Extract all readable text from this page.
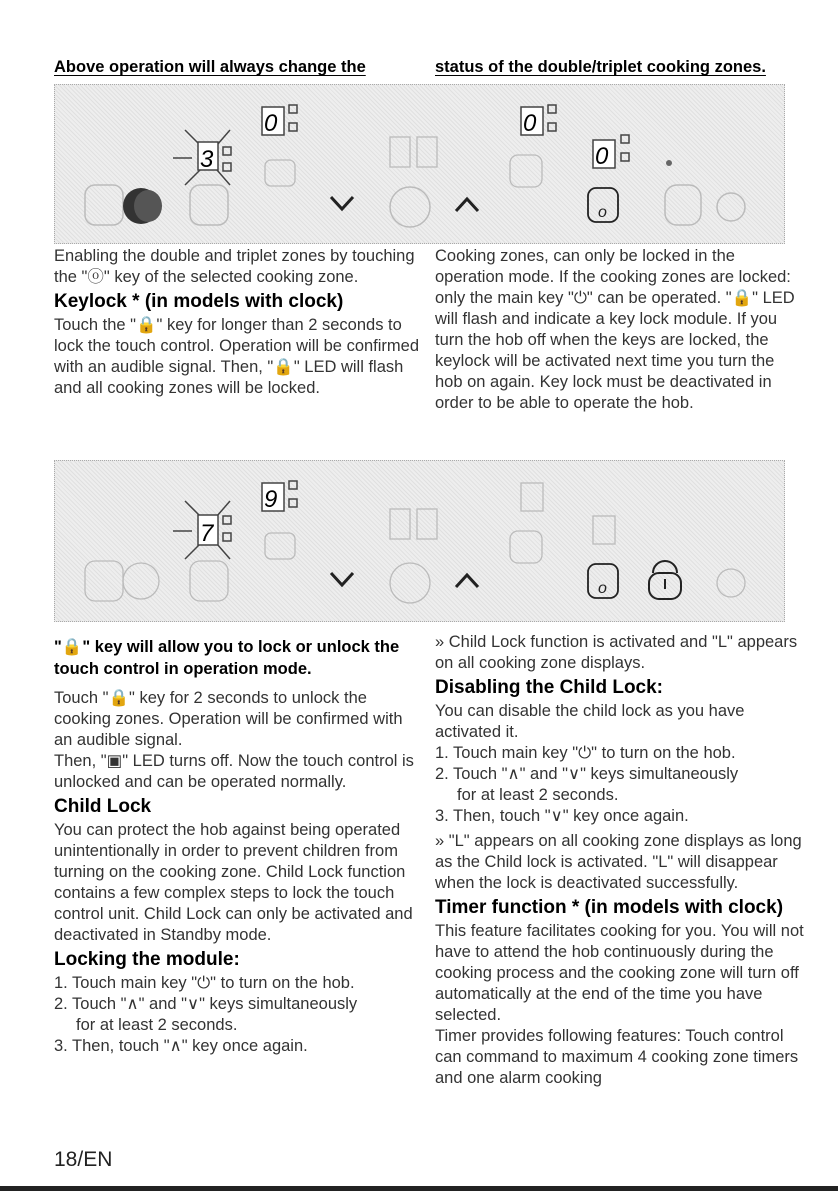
Above operation will always change the	status of the double/triplet cooking zones.
3
0	0
0
o

Enabling the double and triplet zones by touching the "ⓞ" key of the selected cooking zone.

Keylock * (in models with clock)

Touch the "🔒" key for longer than 2 seconds to lock the touch control. Operation will be confirmed with an audible signal. Then, "🔒" LED will flash and all cooking zones will be locked.

Cooking zones, can only be locked in the operation mode. If the cooking zones are locked: only the main key "⏻" can be operated. "🔒" LED will flash and indicate a key lock module. If you turn the hob off when the keys are locked, the keylock will be activated next time you turn the hob on again. Key lock must be deactivated in order to be able to operate the hob.

7
9
o

"🔒" key will allow you to lock or unlock the touch control in operation mode.

Touch "🔒" key for 2 seconds to unlock the cooking zones. Operation will be confirmed with an audible signal.

Then, "▣" LED turns off. Now the touch control is unlocked and can be operated normally.

Child Lock

You can protect the hob against being operated unintentionally in order to prevent children from turning on the cooking zone. Child Lock function contains a few complex steps to lock the touch control unit. Child Lock can only be activated and deactivated in Standby mode.

Locking the module:

1. Touch main key "⏻" to turn on the hob.

2. Touch "∧" and "∨" keys simultaneously

for at least 2 seconds.

3. Then, touch "∧" key once again.

» Child Lock function is activated and "L" appears on all cooking zone displays.

Disabling the Child Lock:

You can disable the child lock as you have activated it.

1. Touch main key "⏻" to turn on the hob.

2. Touch "∧" and "∨" keys simultaneously

for at least 2 seconds.

3. Then, touch "∨" key once again.

» "L" appears on all cooking zone displays as long as the Child lock is activated. "L" will disappear when the lock is deactivated successfully.

Timer function * (in models with clock)

This feature facilitates cooking for you. You will not have to attend the hob continuously during the cooking process and the cooking zone will turn off automatically at the end of the time you have selected.

Timer provides following features: Touch control can command to maximum 4 cooking zone timers and one alarm cooking

18/EN
